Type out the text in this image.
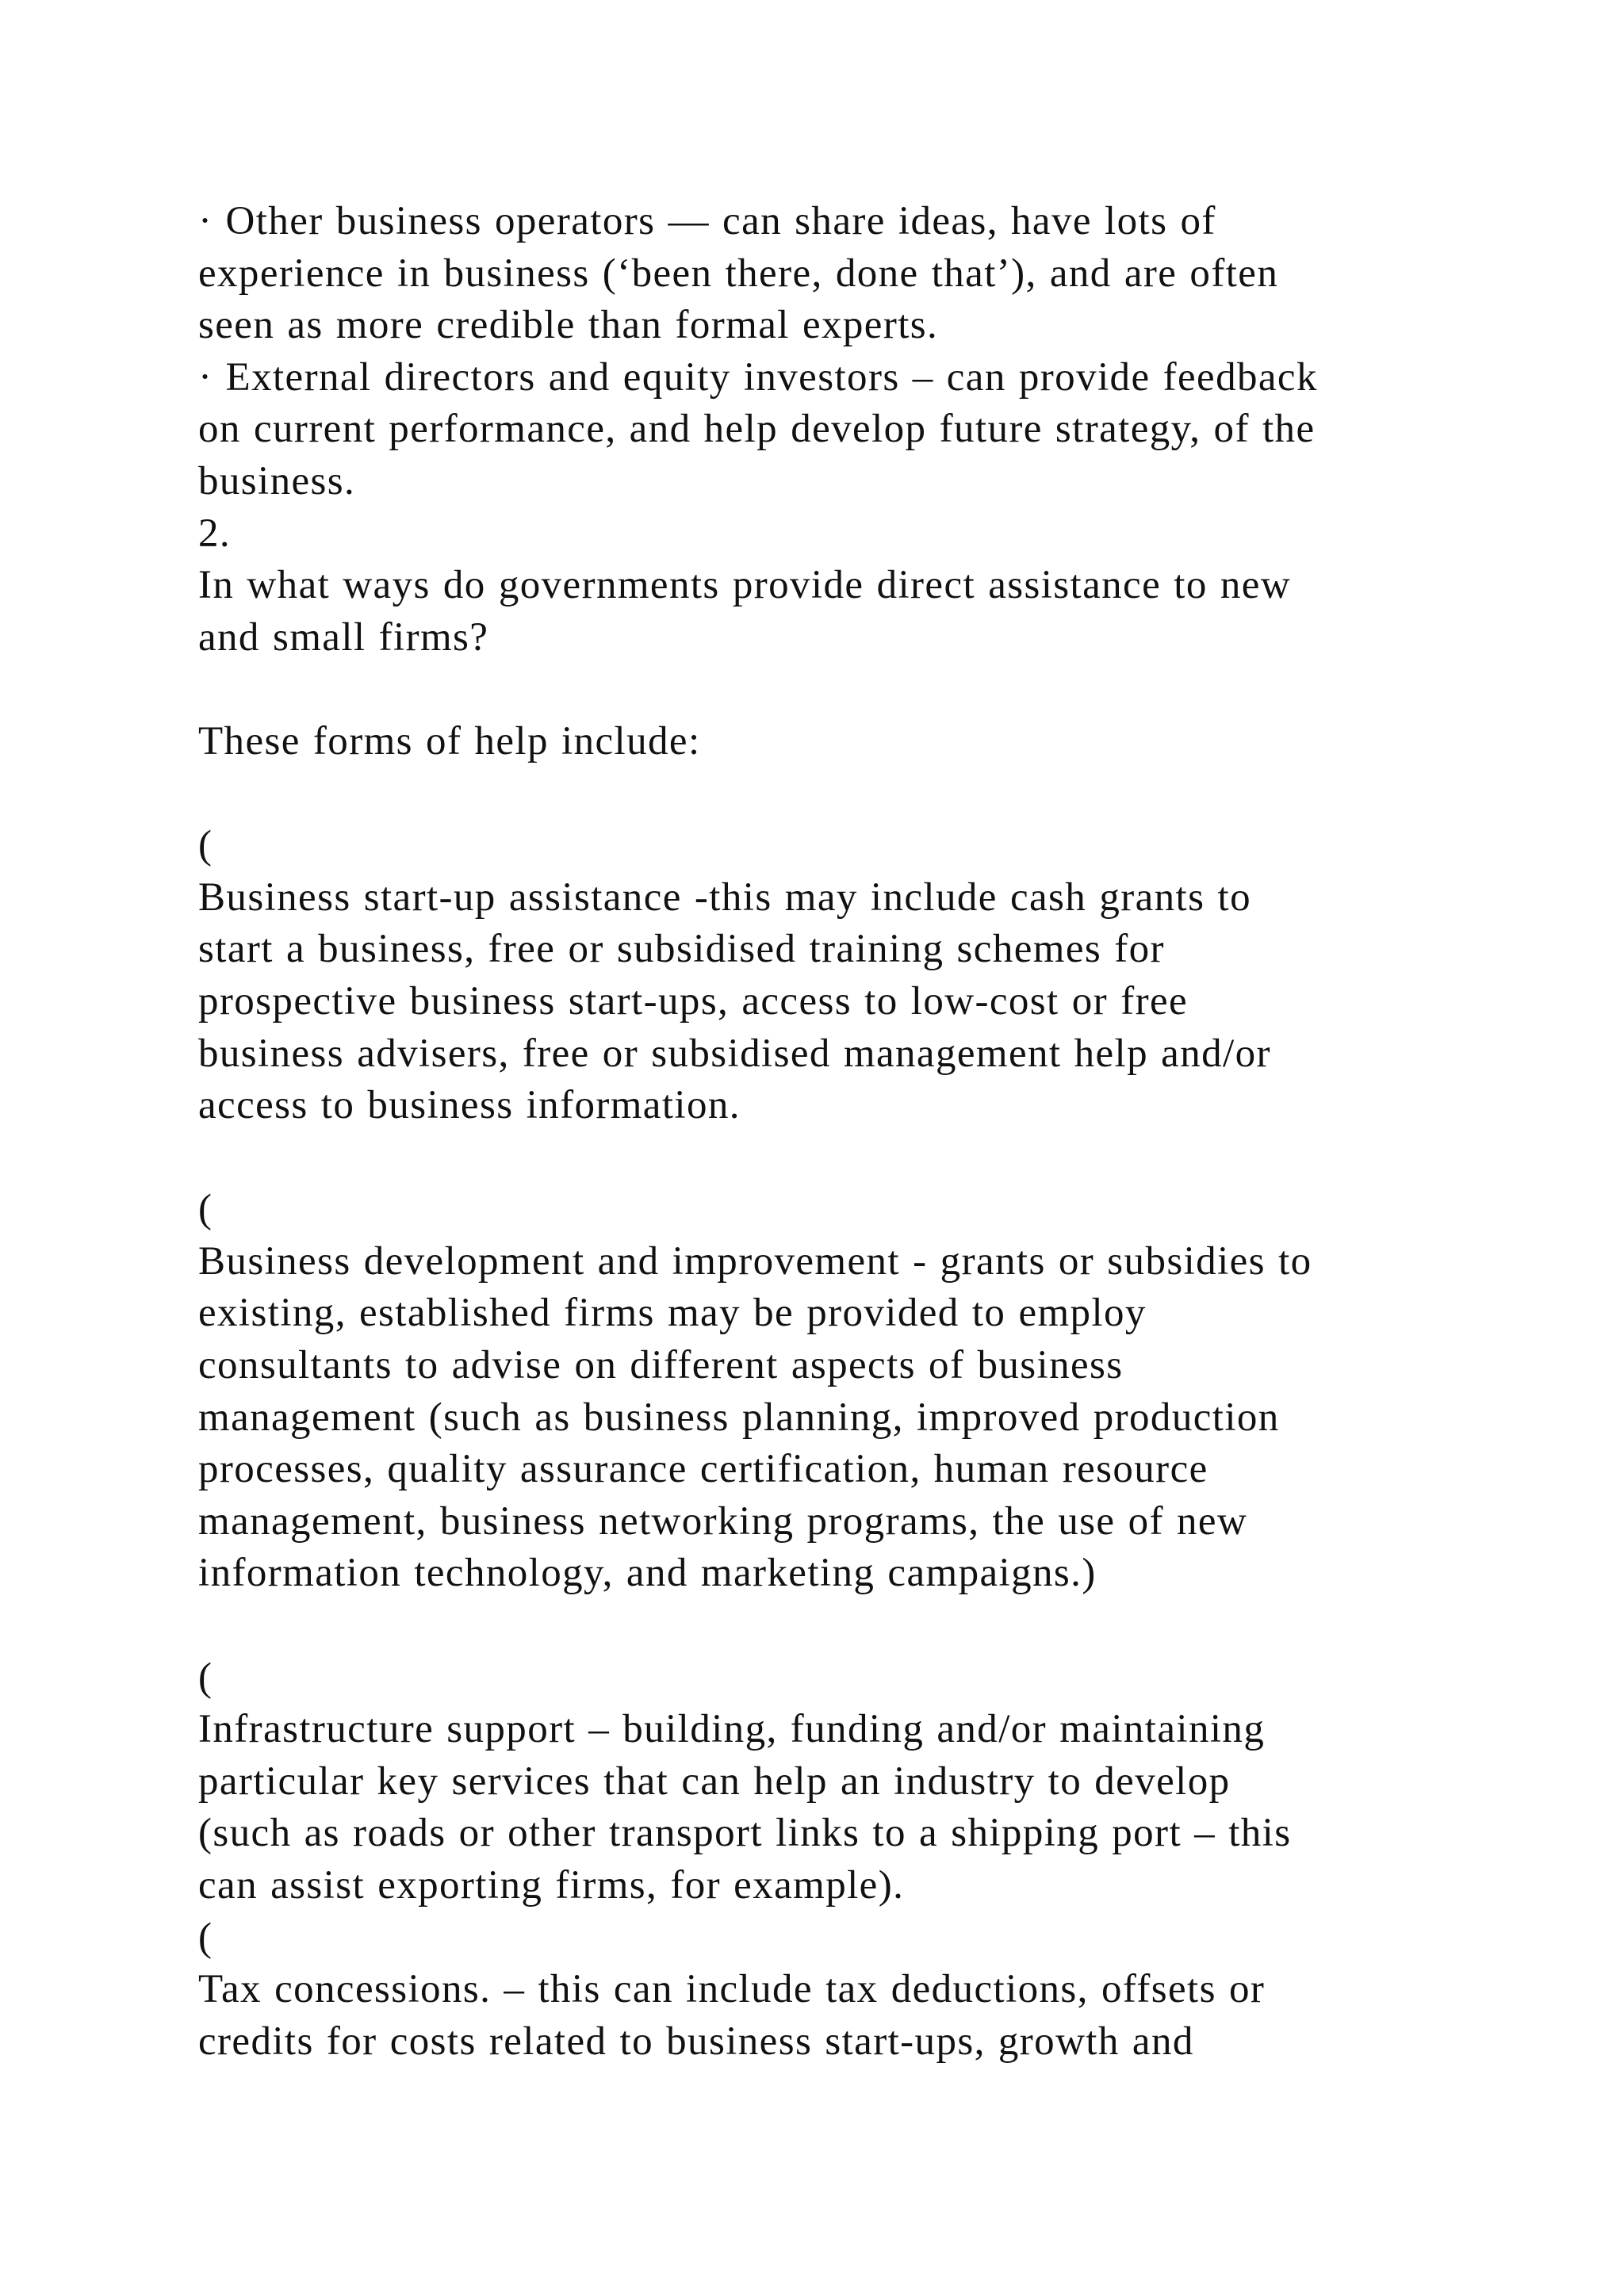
· Other business operators — can share ideas, have lots of
experience in business (‘been there, done that’), and are often
seen as more credible than formal experts.
· External directors and equity investors – can provide feedback
on current performance, and help develop future strategy, of the
business.
2.
In what ways do governments provide direct assistance to new
and small firms?
These forms of help include:
(
Business start-up assistance -this may include cash grants to
start a business, free or subsidised training schemes for
prospective business start-ups, access to low-cost or free
business advisers, free or subsidised management help and/or
access to business information.
(
Business development and improvement - grants or subsidies to
existing, established firms may be provided to employ
consultants to advise on different aspects of business
management (such as business planning, improved production
processes, quality assurance certification, human resource
management, business networking programs, the use of new
information technology, and marketing campaigns.)
(
Infrastructure support – building, funding and/or maintaining
particular key services that can help an industry to develop
(such as roads or other transport links to a shipping port – this
can assist exporting firms, for example).
(
Tax concessions. – this can include tax deductions, offsets or
credits for costs related to business start-ups, growth and
